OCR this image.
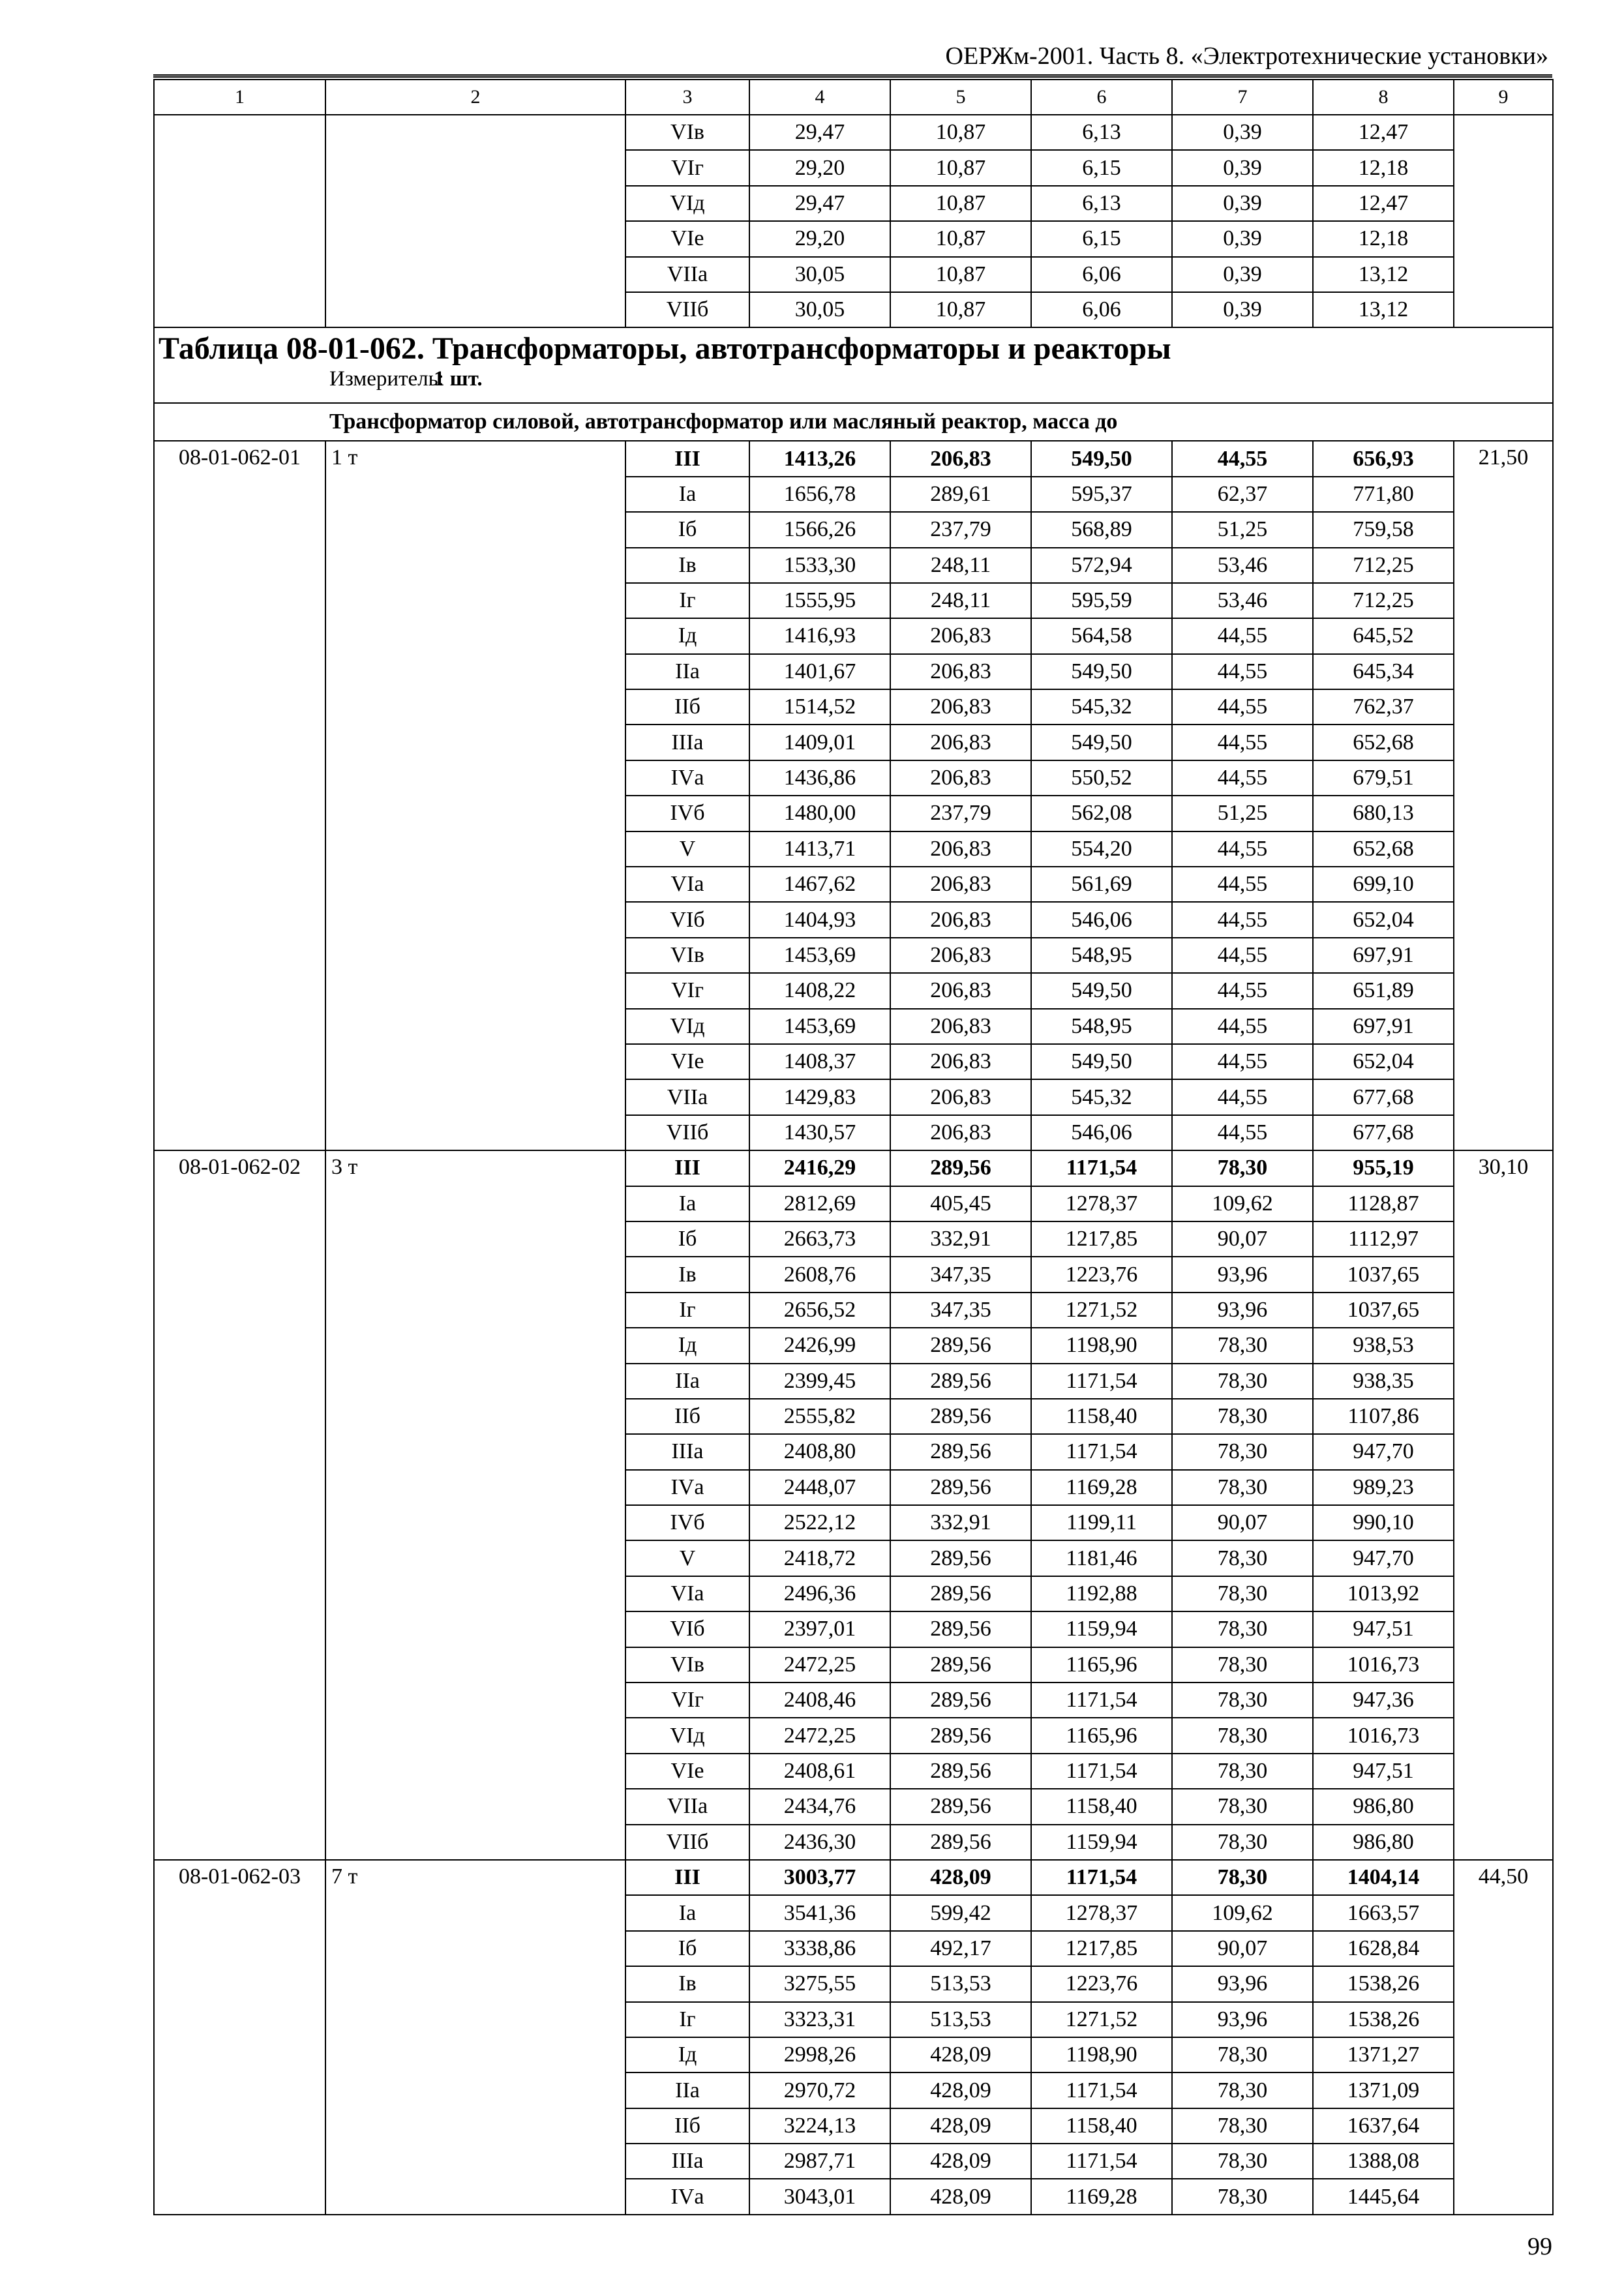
ОЕРЖм-2001. Часть 8. «Электротехнические установки»
1	2	3	4	5	6	7	8	9
		VIв	29,47	10,87	6,13	0,39	12,47	
		VIг	29,20	10,87	6,15	0,39	12,18	
		VIд	29,47	10,87	6,13	0,39	12,47	
		VIе	29,20	10,87	6,15	0,39	12,18	
		VIIа	30,05	10,87	6,06	0,39	13,12	
		VIIб	30,05	10,87	6,06	0,39	13,12	

Таблица 08-01-062. Трансформаторы, автотрансформаторы и реакторы
Измеритель:1 шт.								

Трансформатор силовой, автотрансформатор или масляный реактор, масса до								
08-01-062-01	1 т	III	1413,26	206,83	549,50	44,55	656,93	21,50
		Iа	1656,78	289,61	595,37	62,37	771,80	
		Iб	1566,26	237,79	568,89	51,25	759,58	
		Iв	1533,30	248,11	572,94	53,46	712,25	
		Iг	1555,95	248,11	595,59	53,46	712,25	
		Iд	1416,93	206,83	564,58	44,55	645,52	
		IIа	1401,67	206,83	549,50	44,55	645,34	
		IIб	1514,52	206,83	545,32	44,55	762,37	
		IIIа	1409,01	206,83	549,50	44,55	652,68	
		IVа	1436,86	206,83	550,52	44,55	679,51	
		IVб	1480,00	237,79	562,08	51,25	680,13	
		V	1413,71	206,83	554,20	44,55	652,68	
		VIа	1467,62	206,83	561,69	44,55	699,10	
		VIб	1404,93	206,83	546,06	44,55	652,04	
		VIв	1453,69	206,83	548,95	44,55	697,91	
		VIг	1408,22	206,83	549,50	44,55	651,89	
		VIд	1453,69	206,83	548,95	44,55	697,91	
		VIе	1408,37	206,83	549,50	44,55	652,04	
		VIIа	1429,83	206,83	545,32	44,55	677,68	
		VIIб	1430,57	206,83	546,06	44,55	677,68	
08-01-062-02	3 т	III	2416,29	289,56	1171,54	78,30	955,19	30,10
		Iа	2812,69	405,45	1278,37	109,62	1128,87	
		Iб	2663,73	332,91	1217,85	90,07	1112,97	
		Iв	2608,76	347,35	1223,76	93,96	1037,65	
		Iг	2656,52	347,35	1271,52	93,96	1037,65	
		Iд	2426,99	289,56	1198,90	78,30	938,53	
		IIа	2399,45	289,56	1171,54	78,30	938,35	
		IIб	2555,82	289,56	1158,40	78,30	1107,86	
		IIIа	2408,80	289,56	1171,54	78,30	947,70	
		IVа	2448,07	289,56	1169,28	78,30	989,23	
		IVб	2522,12	332,91	1199,11	90,07	990,10	
		V	2418,72	289,56	1181,46	78,30	947,70	
		VIа	2496,36	289,56	1192,88	78,30	1013,92	
		VIб	2397,01	289,56	1159,94	78,30	947,51	
		VIв	2472,25	289,56	1165,96	78,30	1016,73	
		VIг	2408,46	289,56	1171,54	78,30	947,36	
		VIд	2472,25	289,56	1165,96	78,30	1016,73	
		VIе	2408,61	289,56	1171,54	78,30	947,51	
		VIIа	2434,76	289,56	1158,40	78,30	986,80	
		VIIб	2436,30	289,56	1159,94	78,30	986,80	
08-01-062-03	7 т	III	3003,77	428,09	1171,54	78,30	1404,14	44,50
		Iа	3541,36	599,42	1278,37	109,62	1663,57	
		Iб	3338,86	492,17	1217,85	90,07	1628,84	
		Iв	3275,55	513,53	1223,76	93,96	1538,26	
		Iг	3323,31	513,53	1271,52	93,96	1538,26	
		Iд	2998,26	428,09	1198,90	78,30	1371,27	
		IIа	2970,72	428,09	1171,54	78,30	1371,09	
		IIб	3224,13	428,09	1158,40	78,30	1637,64	
		IIIа	2987,71	428,09	1171,54	78,30	1388,08	
		IVа	3043,01	428,09	1169,28	78,30	1445,64	
99
